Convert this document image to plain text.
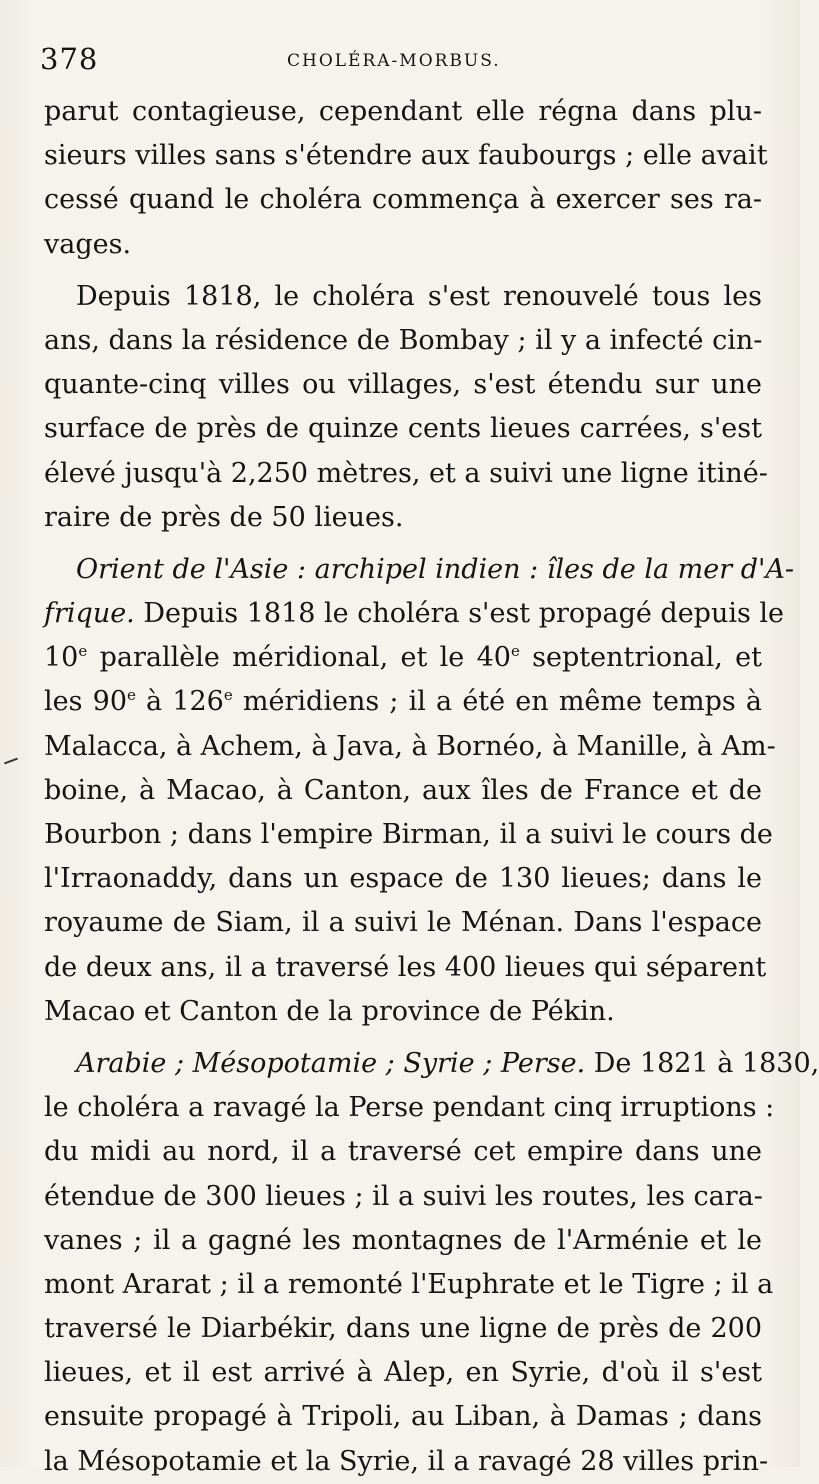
378	CHOLÉRA-MORBUS.
parut contagieuse, cependant elle régna dans plu-
sieurs villes sans s'étendre aux faubourgs ; elle avait
cessé quand le choléra commença à exercer ses ra-
vages.
Depuis 1818, le choléra s'est renouvelé tous les
ans, dans la résidence de Bombay ; il y a infecté cin-
quante-cinq villes ou villages, s'est étendu sur une
surface de près de quinze cents lieues carrées, s'est
élevé jusqu'à 2,250 mètres, et a suivi une ligne itiné-
raire de près de 50 lieues.
Orient de l'Asie : archipel indien : îles de la mer d'A-
frique. Depuis 1818 le choléra s'est propagé depuis le
10e parallèle méridional, et le 40e septentrional, et
les 90e à 126e méridiens ; il a été en même temps à
Malacca, à Achem, à Java, à Bornéo, à Manille, à Am-
boine, à Macao, à Canton, aux îles de France et de
Bourbon ; dans l'empire Birman, il a suivi le cours de
l'Irraonaddy, dans un espace de 130 lieues; dans le
royaume de Siam, il a suivi le Ménan. Dans l'espace
de deux ans, il a traversé les 400 lieues qui séparent
Macao et Canton de la province de Pékin.
Arabie ; Mésopotamie ; Syrie ; Perse. De 1821 à 1830,
le choléra a ravagé la Perse pendant cinq irruptions :
du midi au nord, il a traversé cet empire dans une
étendue de 300 lieues ; il a suivi les routes, les cara-
vanes ; il a gagné les montagnes de l'Arménie et le
mont Ararat ; il a remonté l'Euphrate et le Tigre ; il a
traversé le Diarbékir, dans une ligne de près de 200
lieues, et il est arrivé à Alep, en Syrie, d'où il s'est
ensuite propagé à Tripoli, au Liban, à Damas ; dans
la Mésopotamie et la Syrie, il a ravagé 28 villes prin-
